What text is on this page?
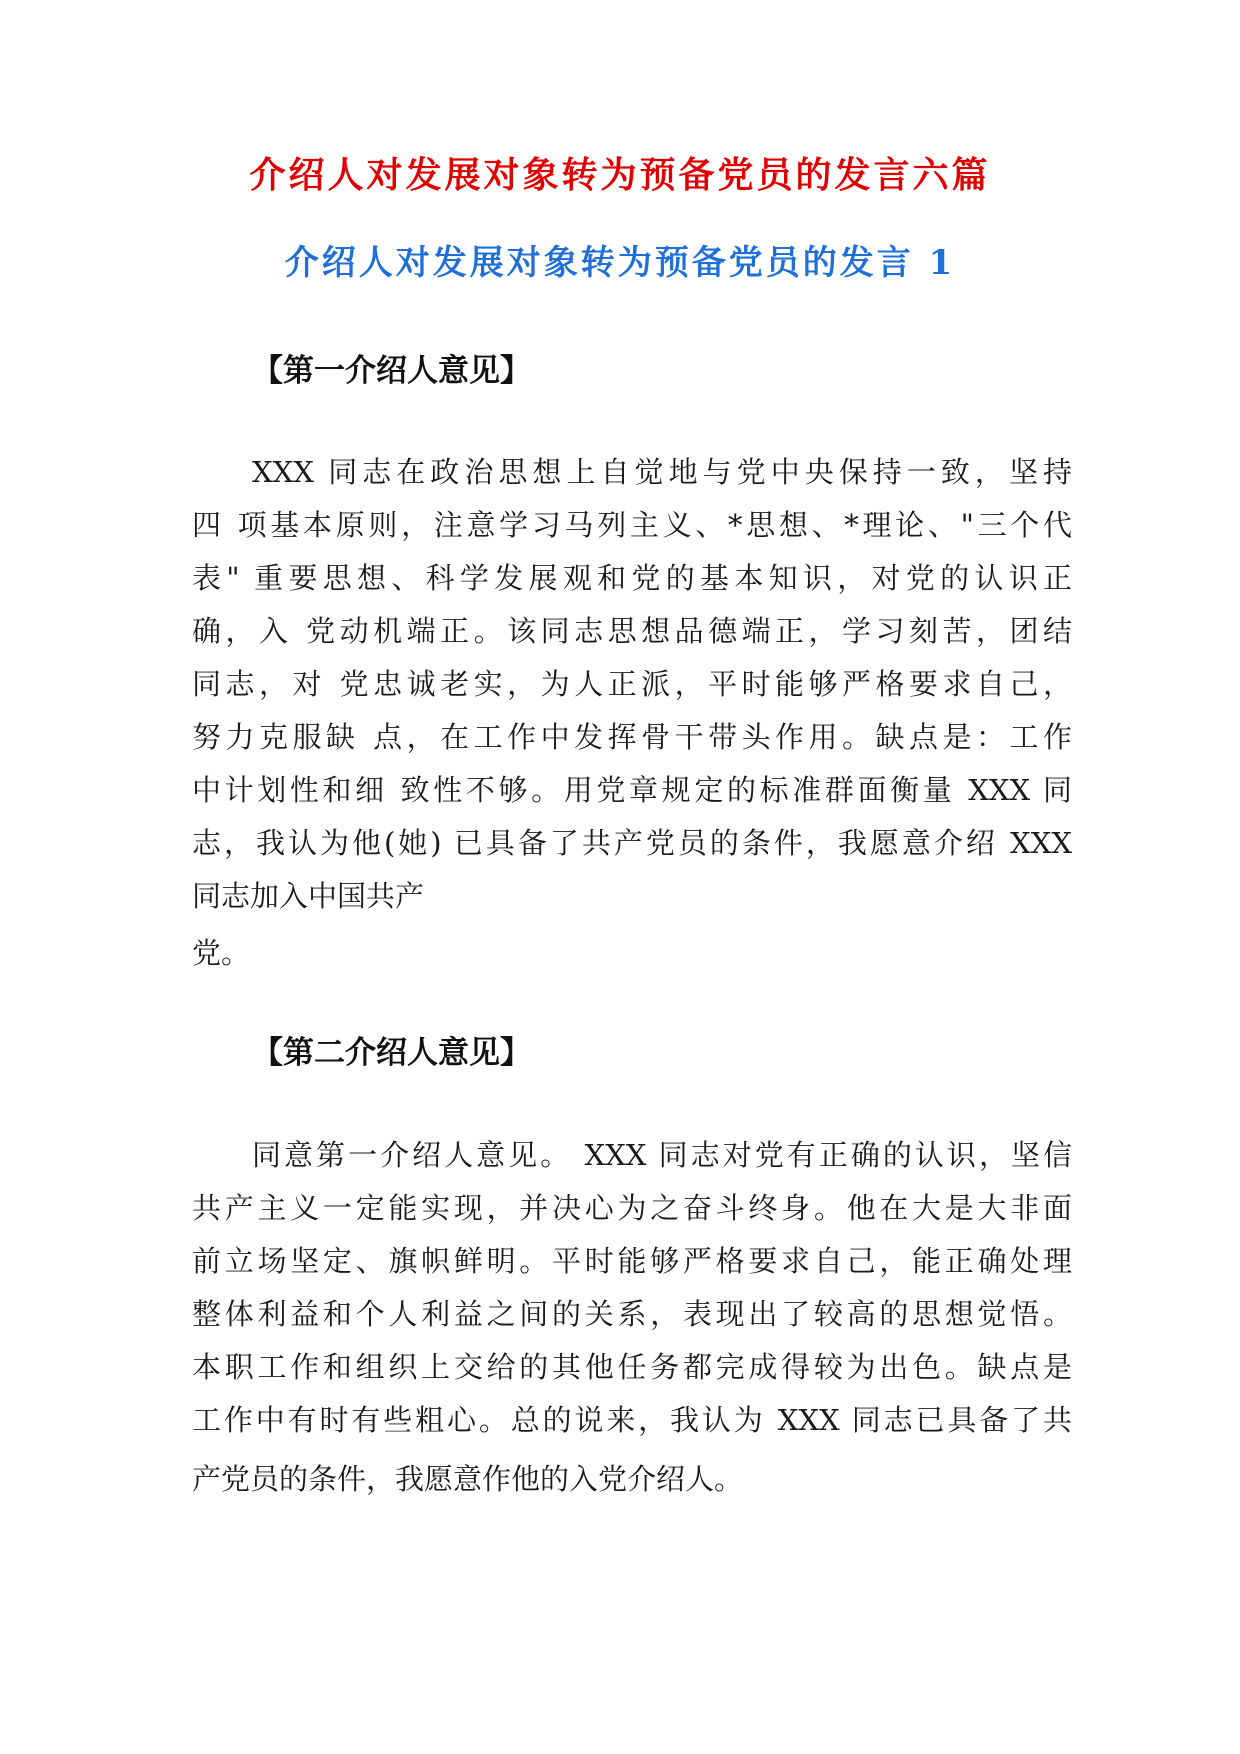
介绍人对发展对象转为预备党员的发言六篇
介绍人对发展对象转为预备党员的发言 1
【第一介绍人意见】
XXX 同志在政治思想上自觉地与党中央保持一致，坚持
四 项基本原则，注意学习马列主义、*思想、*理论、"三个代
表" 重要思想、科学发展观和党的基本知识，对党的认识正
确，入 党动机端正。该同志思想品德端正，学习刻苦，团结
同志，对 党忠诚老实，为人正派，平时能够严格要求自己，
努力克服缺 点，在工作中发挥骨干带头作用。缺点是：工作
中计划性和细 致性不够。用党章规定的标准群面衡量 XXX 同
志，我认为他(她) 已具备了共产党员的条件，我愿意介绍 XXX
同志加入中国共产
党。
【第二介绍人意见】
同意第一介绍人意见。 XXX 同志对党有正确的认识，坚信
共产主义一定能实现，并决心为之奋斗终身。他在大是大非面
前立场坚定、旗帜鲜明。平时能够严格要求自己，能正确处理
整体利益和个人利益之间的关系，表现出了较高的思想觉悟。
本职工作和组织上交给的其他任务都完成得较为出色。缺点是
工作中有时有些粗心。总的说来，我认为 XXX 同志已具备了共
产党员的条件，我愿意作他的入党介绍人。
